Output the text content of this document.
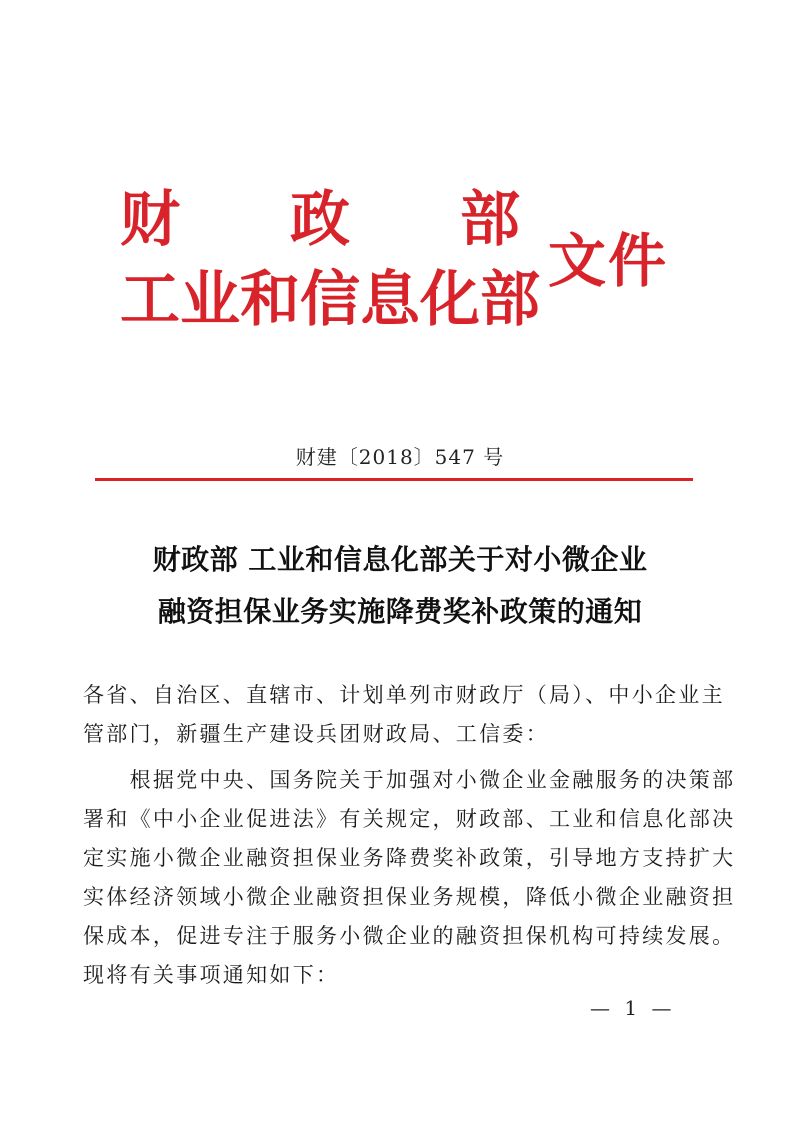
财 政 部
工业和信息化部
文件
财建〔2018〕547 号
财政部 工业和信息化部关于对小微企业
融资担保业务实施降费奖补政策的通知
各省、自治区、直辖市、计划单列市财政厅（局）、中小企业主
管部门，新疆生产建设兵团财政局、工信委：
　　根据党中央、国务院关于加强对小微企业金融服务的决策部
署和《中小企业促进法》有关规定，财政部、工业和信息化部决
定实施小微企业融资担保业务降费奖补政策，引导地方支持扩大
实体经济领域小微企业融资担保业务规模，降低小微企业融资担
保成本，促进专注于服务小微企业的融资担保机构可持续发展。
现将有关事项通知如下：
— 1 —
